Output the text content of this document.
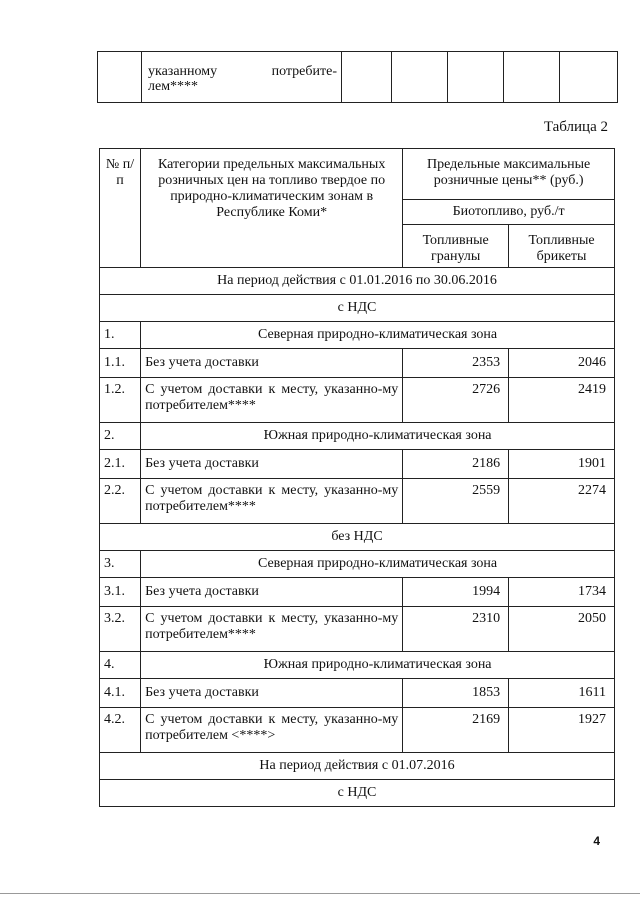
указанному потребите-
лем****

Таблица 2
№ п/п	Категории предельных максимальных розничных цен на топливо твердое по природно-климатическим зонам в Республике Коми*	Предельные максимальные розничные цены** (руб.)	
		Биотопливо, руб./т	
		Топливные гранулы	Топливные брикеты
На период действия с 01.01.2016 по 30.06.2016			
с НДС			
1.	Северная природно-климатическая зона		
1.1.	Без учета доставки	2353	2046
1.2.	С учетом доставки к месту, указанно-му потребителем****	2726	2419
2.	Южная природно-климатическая зона		
2.1.	Без учета доставки	2186	1901
2.2.	С учетом доставки к месту, указанно-му потребителем****	2559	2274
без НДС			
3.	Северная природно-климатическая зона		
3.1.	Без учета доставки	1994	1734
3.2.	С учетом доставки к месту, указанно-му потребителем****	2310	2050
4.	Южная природно-климатическая зона		
4.1.	Без учета доставки	1853	1611
4.2.	С учетом доставки к месту, указанно-му потребителем <****>	2169	1927
На период действия с 01.07.2016			
с НДС			
4
